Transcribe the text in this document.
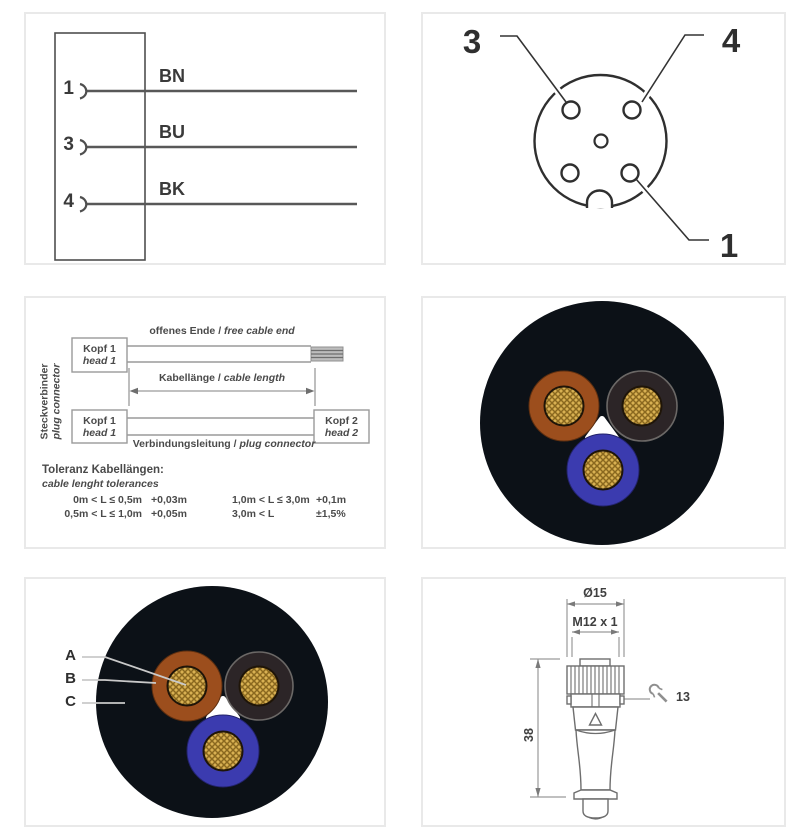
1
3
4
BN
BU
BK
3	4
1
Steckverbinder
plug connector
offenes Ende / free cable end
Kopf 1
head 1
Kabellänge / cable length
Kopf 1
head 1
Kopf 2
head 2
Verbindungsleitung / plug connector
Toleranz Kabellängen:
cable lenght tolerances
0m < L ≤ 0,5m +0,03m	1,0m < L ≤ 3,0m +0,1m
0,5m < L ≤ 1,0m +0,05m	3,0m < L	±1,5%
A
B
C
Ø15
M12 x 1
38
13
